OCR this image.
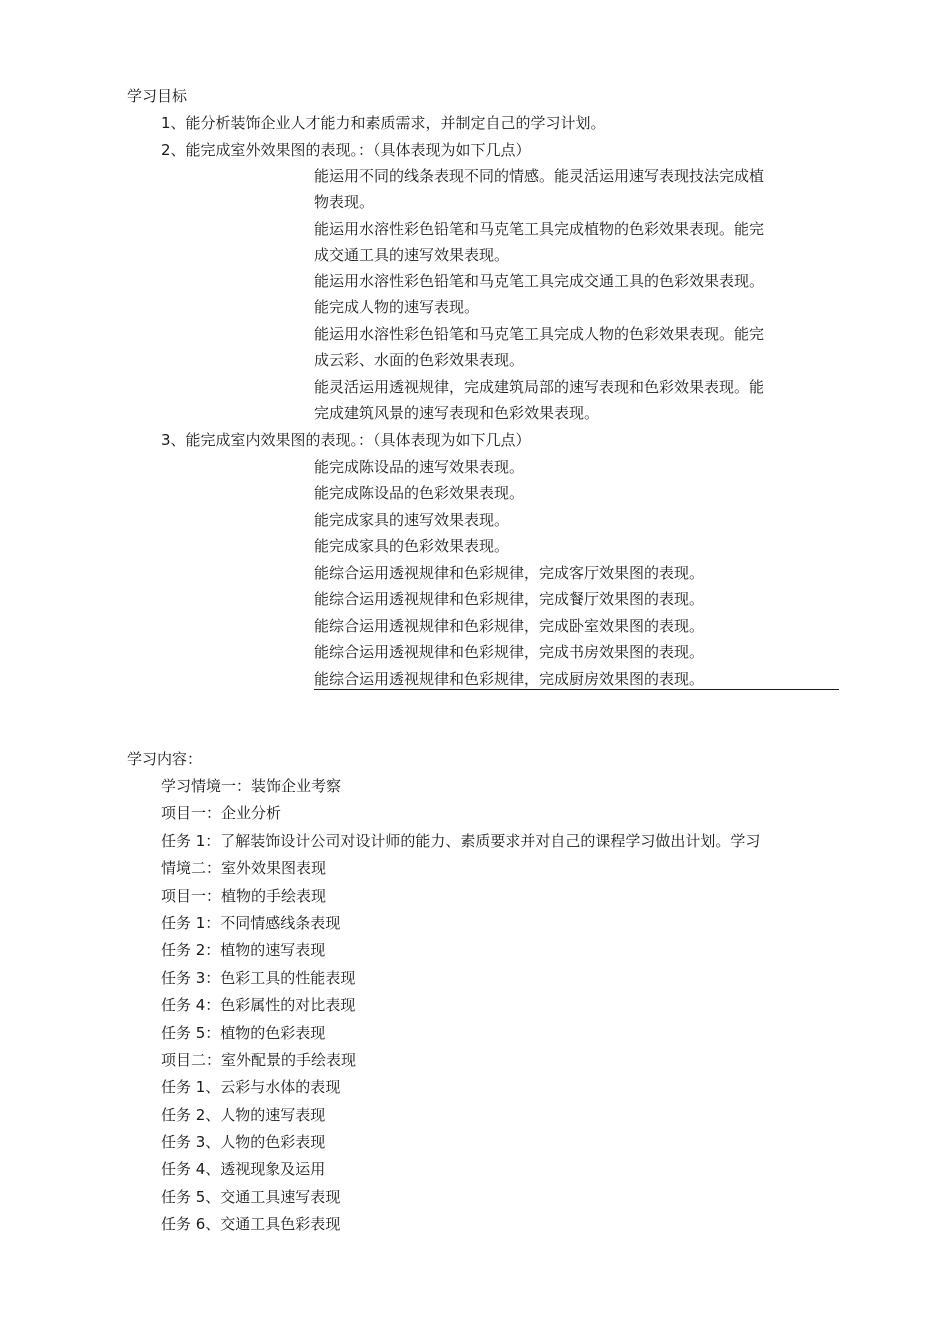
学习目标
1、能分析装饰企业人才能力和素质需求，并制定自己的学习计划。
2、能完成室外效果图的表现。：（具体表现为如下几点）
能运用不同的线条表现不同的情感。能灵活运用速写表现技法完成植
物表现。
能运用水溶性彩色铅笔和马克笔工具完成植物的色彩效果表现。能完
成交通工具的速写效果表现。
能运用水溶性彩色铅笔和马克笔工具完成交通工具的色彩效果表现。
能完成人物的速写表现。
能运用水溶性彩色铅笔和马克笔工具完成人物的色彩效果表现。能完
成云彩、水面的色彩效果表现。
能灵活运用透视规律，完成建筑局部的速写表现和色彩效果表现。能
完成建筑风景的速写表现和色彩效果表现。
3、能完成室内效果图的表现。：（具体表现为如下几点）
能完成陈设品的速写效果表现。
能完成陈设品的色彩效果表现。
能完成家具的速写效果表现。
能完成家具的色彩效果表现。
能综合运用透视规律和色彩规律，完成客厅效果图的表现。
能综合运用透视规律和色彩规律，完成餐厅效果图的表现。
能综合运用透视规律和色彩规律，完成卧室效果图的表现。
能综合运用透视规律和色彩规律，完成书房效果图的表现。
能综合运用透视规律和色彩规律，完成厨房效果图的表现。
学习内容：
学习情境一：装饰企业考察
项目一：企业分析
任务 1：了解装饰设计公司对设计师的能力、素质要求并对自己的课程学习做出计划。学习
情境二：室外效果图表现
项目一：植物的手绘表现
任务 1：不同情感线条表现
任务 2：植物的速写表现
任务 3：色彩工具的性能表现
任务 4：色彩属性的对比表现
任务 5：植物的色彩表现
项目二：室外配景的手绘表现
任务 1、云彩与水体的表现
任务 2、人物的速写表现
任务 3、人物的色彩表现
任务 4、透视现象及运用
任务 5、交通工具速写表现
任务 6、交通工具色彩表现
